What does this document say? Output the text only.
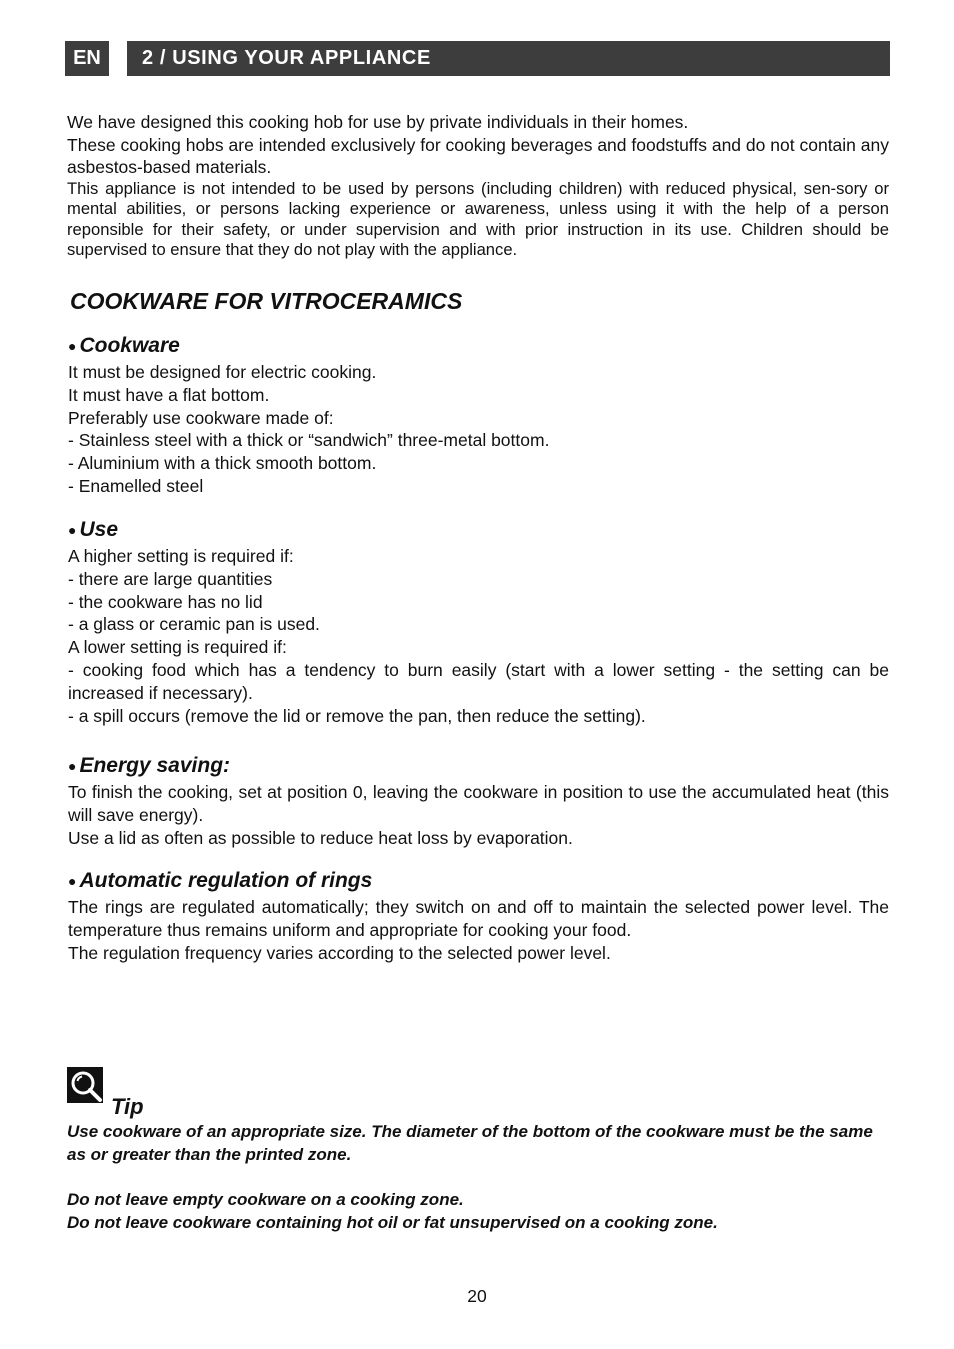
EN	2 / USING YOUR APPLIANCE

We have designed this cooking hob for use by private individuals in their homes.

These cooking hobs are intended exclusively for cooking beverages and foodstuffs and do not contain any asbestos-based materials.

This appliance is not intended to be used by persons (including children) with reduced physical, sen-sory or mental abilities, or persons lacking experience or awareness, unless using it with the help of a person reponsible for their safety, or under supervision and with prior instruction in its use. Children should be supervised to ensure that they do not play with the appliance.

COOKWARE FOR VITROCERAMICS
● Cookware
It must be designed for electric cooking.
It must have a flat bottom.
Preferably use cookware made of:
- Stainless steel with a thick or “sandwich” three-metal bottom.
- Aluminium with a thick smooth bottom.
- Enamelled steel
● Use
A higher setting is required if:
- there are large quantities
- the cookware has no lid
- a glass or ceramic pan is used.
A lower setting is required if:
- cooking food which has a tendency to burn easily (start with a lower setting - the setting can be increased if necessary).
- a spill occurs (remove the lid or remove the pan, then reduce the setting).
● Energy saving:
To finish the cooking, set at position 0, leaving the cookware in position to use the accumulated heat (this will save energy).
Use a lid as often as possible to reduce heat loss by evaporation.
● Automatic regulation of rings
The rings are regulated automatically; they switch on and off to maintain the selected power level. The temperature thus remains uniform and appropriate for cooking your food.
The regulation frequency varies according to the selected power level.
Tip
Use cookware of an appropriate size. The diameter of the bottom of the cookware must be the same as or greater than the printed zone.
Do not leave empty cookware on a cooking zone.
Do not leave cookware containing hot oil or fat unsupervised on a cooking zone.
20
